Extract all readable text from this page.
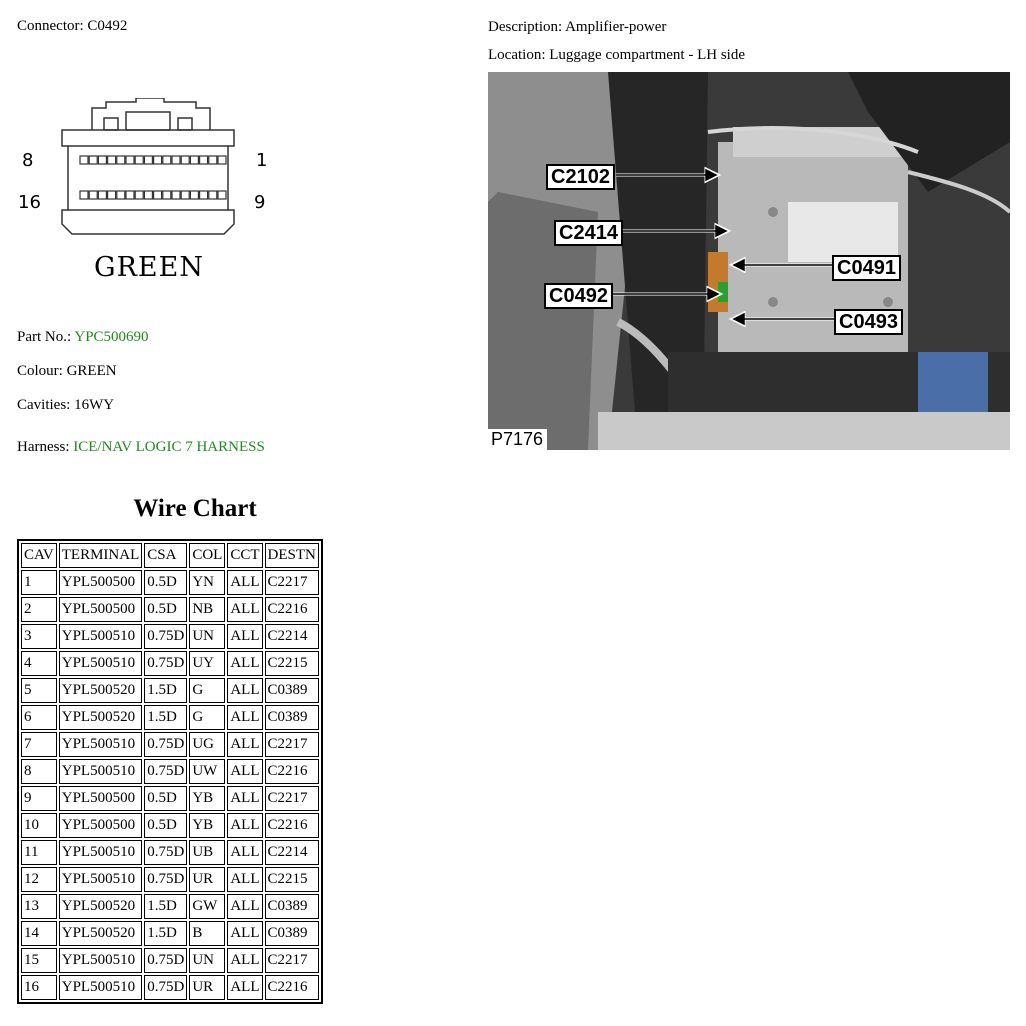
Connector: C0492
8	1
16	9
GREEN
Part No.: YPC500690
Colour: GREEN
Cavities: 16WY
Harness: ICE/NAV LOGIC 7 HARNESS
Description: Amplifier-power
Location: Luggage compartment - LH side
C2102
C2414
C0491
C0492
C0493
P7176
Wire Chart
CAV	TERMINAL	CSA	COL	CCT	DESTN
1	YPL500500	0.5D	YN	ALL	C2217
2	YPL500500	0.5D	NB	ALL	C2216
3	YPL500510	0.75D	UN	ALL	C2214
4	YPL500510	0.75D	UY	ALL	C2215
5	YPL500520	1.5D	G	ALL	C0389
6	YPL500520	1.5D	G	ALL	C0389
7	YPL500510	0.75D	UG	ALL	C2217
8	YPL500510	0.75D	UW	ALL	C2216
9	YPL500500	0.5D	YB	ALL	C2217
10	YPL500500	0.5D	YB	ALL	C2216
11	YPL500510	0.75D	UB	ALL	C2214
12	YPL500510	0.75D	UR	ALL	C2215
13	YPL500520	1.5D	GW	ALL	C0389
14	YPL500520	1.5D	B	ALL	C0389
15	YPL500510	0.75D	UN	ALL	C2217
16	YPL500510	0.75D	UR	ALL	C2216
